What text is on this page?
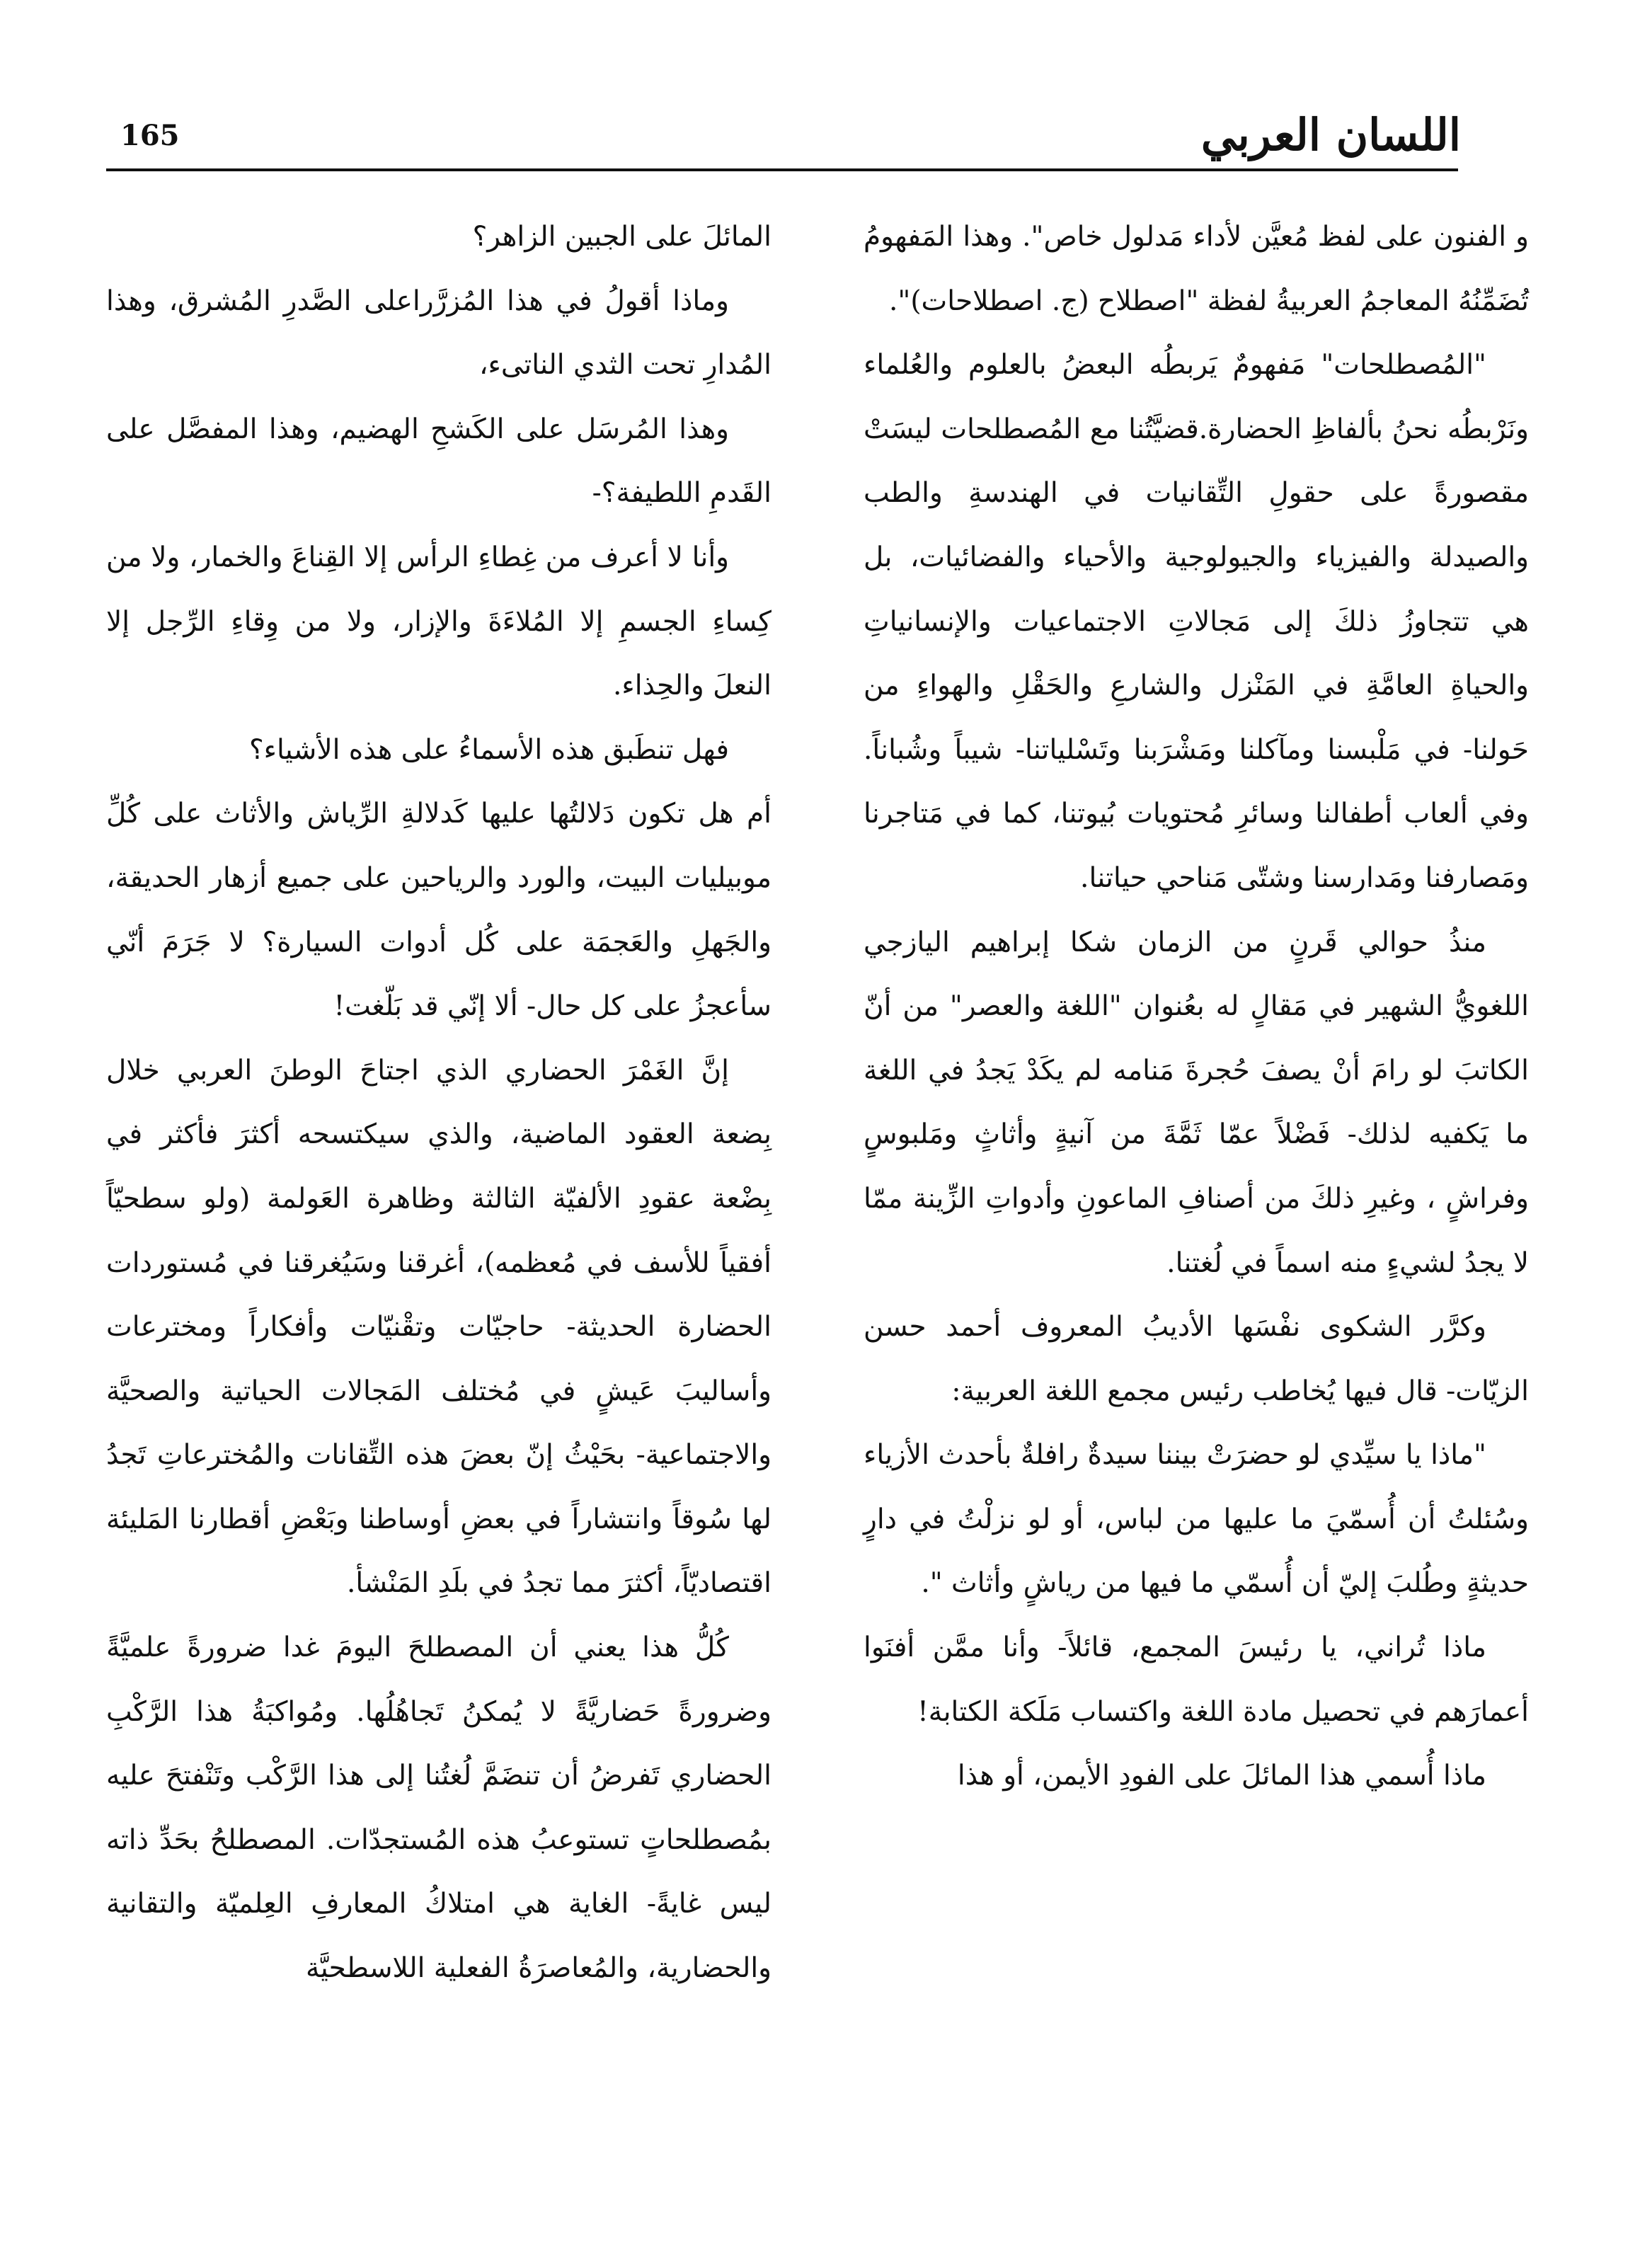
165	اللسان العربي

و الفنون على لفظ مُعيَّن لأداء مَدلول خاص". وهذا المَفهومُ تُضَمِّنُهُ المعاجمُ العربيةُ لفظة "اصطلاح (ج. اصطلاحات)".

"المُصطلحات" مَفهومٌ يَربطُه البعضُ بالعلوم والعُلماء ونَرْبطُه نحنُ بألفاظِ الحضارة.قضيَّتُنا مع المُصطلحات ليسَتْ مقصورةً على حقولِ التِّقانيات في الهندسةِ والطب والصيدلة والفيزياء والجيولوجية والأحياء والفضائيات، بل هي تتجاوزُ ذلكَ إلى مَجالاتِ الاجتماعيات والإنسانياتِ والحياةِ العامَّةِ في المَنْزل والشارعِ والحَقْلِ والهواءِ من حَولنا- في مَلْبسنا ومآكلنا ومَشْرَبنا وتَسْلياتنا- شيباً وشُباناً. وفي ألعاب أطفالنا وسائرِ مُحتويات بُيوتنا، كما في مَتاجرنا ومَصارفنا ومَدارسنا وشتّى مَناحي حياتنا.

منذُ حوالي قَرنٍ من الزمان شكا إبراهيم اليازجي اللغويُّ الشهير في مَقالٍ له بعُنوان "اللغة والعصر" من أنّ الكاتبَ لو رامَ أنْ يصفَ حُجرةَ مَنامه لم يكَدْ يَجدُ في اللغة ما يَكفيه لذلك- فَضْلاً عمّا ثَمَّةَ من آنيةٍ وأثاثٍ ومَلبوسٍ وفراشٍ ، وغيرِ ذلكَ من أصنافِ الماعونِ وأدواتِ الزِّينة ممّا لا يجدُ لشيءٍ منه اسماً في لُغتنا.

وكرَّر الشكوى نفْسَها الأديبُ المعروف أحمد حسن الزيّات- قال فيها يُخاطب رئيس مجمع اللغة العربية:

"ماذا يا سيِّدي لو حضرَتْ بيننا سيدةٌ رافلةٌ بأحدث الأزياء وسُئلتُ أن أُسمّيَ ما عليها من لباس، أو لو نزلْتُ في دارٍ حديثةٍ وطُلبَ إليّ أن أُسمّي ما فيها من رياشٍ وأثاث ".

ماذا تُراني، يا رئيسَ المجمع، قائلاً- وأنا ممَّن أفنَوا أعمارَهم في تحصيل مادة اللغة واكتساب مَلَكة الكتابة!

ماذا أُسمي هذا المائلَ على الفودِ الأيمن، أو هذا

المائلَ على الجبين الزاهر؟

وماذا أقولُ في هذا المُزرَّراعلى الصَّدرِ المُشرق، وهذا المُدارِ تحت الثدي الناتىء،

وهذا المُرسَل على الكَشحِ الهضيم، وهذا المفصَّل على القَدمِ اللطيفة؟-

وأنا لا أعرف من غِطاءِ الرأس إلا القِناعَ والخمار، ولا من كِساءِ الجسمِ إلا المُلاءَةَ والإزار، ولا من وِقاءِ الرِّجل إلا النعلَ والحِذاء.

فهل تنطَبق هذه الأسماءُ على هذه الأشياء؟

أم هل تكون دَلالتُها عليها كَدلالةِ الرِّياش والأثاث على كُلِّ موبيليات البيت، والورد والرياحين على جميع أزهار الحديقة، والجَهلِ والعَجمَة على كُل أدوات السيارة؟ لا جَرَمَ أنّي سأعجزُ على كل حال- ألا إنّي قد بَلّغت!

إنَّ الغَمْرَ الحضاري الذي اجتاحَ الوطنَ العربي خلال بِضعة العقود الماضية، والذي سيكتسحه أكثرَ فأكثر في بِضْعة عقودِ الألفيّة الثالثة وظاهرة العَولمة (ولو سطحيّاً أفقياً للأسف في مُعظمه)، أغرقنا وسَيُغرقنا في مُستوردات الحضارة الحديثة- حاجيّات وتقْنيّات وأفكاراً ومخترعات وأساليبَ عَيشٍ في مُختلف المَجالات الحياتية والصحيَّة والاجتماعية- بحَيْثُ إنّ بعضَ هذه التِّقانات والمُخترعاتِ تَجدُ لها سُوقاً وانتشاراً في بعضِ أوساطنا وبَعْضِ أقطارنا المَليئة اقتصاديّاً، أكثرَ مما تجدُ في بلَدِ المَنْشأ.

كُلُّ هذا يعني أن المصطلحَ اليومَ غدا ضرورةً علميَّةً وضرورةً حَضاريَّةً لا يُمكنُ تَجاهُلُها. ومُواكبَةُ هذا الرَّكْبِ الحضاري تَفرضُ أن تنضَمَّ لُغتُنا إلى هذا الرَّكْب وتَنْفتحَ عليه بمُصطلحاتٍ تستوعبُ هذه المُستجدّات. المصطلحُ بحَدِّ ذاته ليس غايةً- الغاية هي امتلاكُ المعارفِ العِلميّة والتقانية والحضارية، والمُعاصرَةُ الفعلية اللاسطحيَّة
